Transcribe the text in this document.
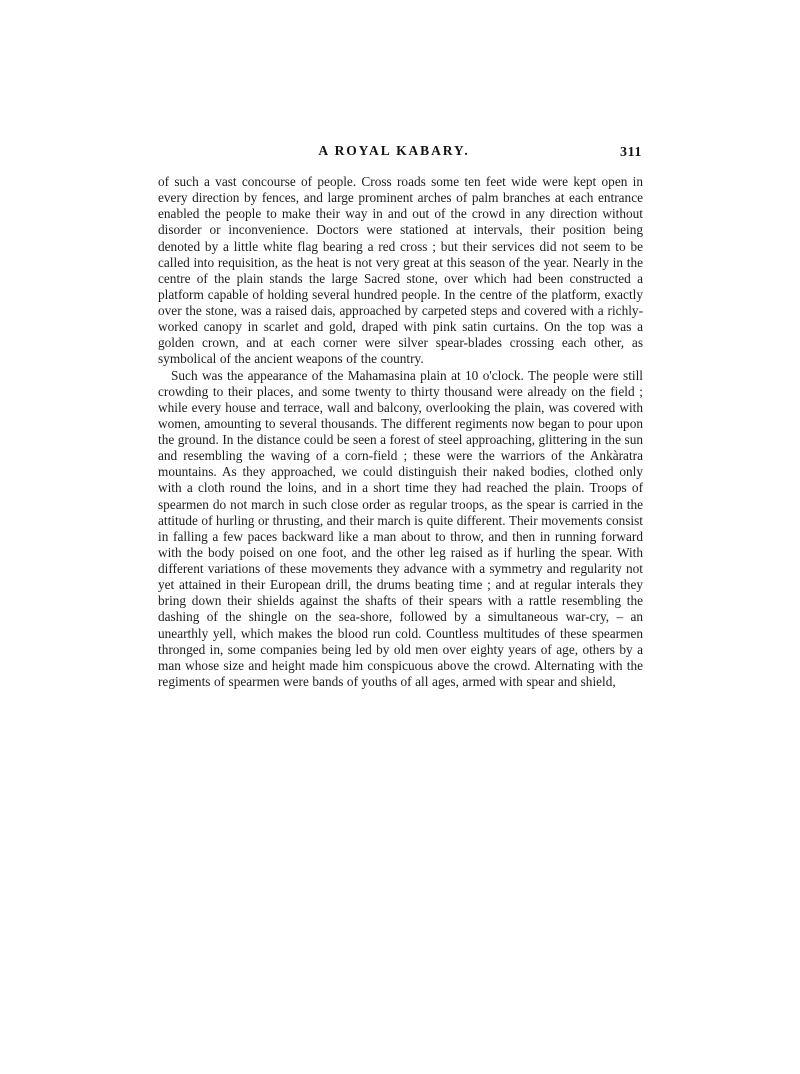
A ROYAL KABARY.	311

of such a vast concourse of people. Cross roads some ten feet wide were kept open in every direction by fences, and large prominent arches of palm branches at each entrance enabled the people to make their way in and out of the crowd in any direction without disorder or inconvenience. Doctors were stationed at intervals, their position being denoted by a little white flag bearing a red cross ; but their services did not seem to be called into requisition, as the heat is not very great at this season of the year. Nearly in the centre of the plain stands the large Sacred stone, over which had been constructed a platform capable of holding several hundred people. In the centre of the platform, exactly over the stone, was a raised dais, approached by carpeted steps and covered with a richly-worked canopy in scarlet and gold, draped with pink satin curtains. On the top was a golden crown, and at each corner were silver spear-blades crossing each other, as symbolical of the ancient weapons of the country.

Such was the appearance of the Mahamasina plain at 10 o'clock. The people were still crowding to their places, and some twenty to thirty thousand were already on the field ; while every house and terrace, wall and balcony, overlooking the plain, was covered with women, amounting to several thousands. The different regiments now began to pour upon the ground. In the distance could be seen a forest of steel approaching, glittering in the sun and resembling the waving of a corn-field ; these were the warriors of the Ankàratra mountains. As they approached, we could distinguish their naked bodies, clothed only with a cloth round the loins, and in a short time they had reached the plain. Troops of spearmen do not march in such close order as regular troops, as the spear is carried in the attitude of hurling or thrusting, and their march is quite different. Their movements consist in falling a few paces backward like a man about to throw, and then in running forward with the body poised on one foot, and the other leg raised as if hurling the spear. With different variations of these movements they advance with a symmetry and regularity not yet attained in their European drill, the drums beating time ; and at regular interals they bring down their shields against the shafts of their spears with a rattle resembling the dashing of the shingle on the sea-shore, followed by a simultaneous war-cry, – an unearthly yell, which makes the blood run cold. Countless multitudes of these spearmen thronged in, some companies being led by old men over eighty years of age, others by a man whose size and height made him conspicuous above the crowd. Alternating with the regiments of spearmen were bands of youths of all ages, armed with spear and shield,
